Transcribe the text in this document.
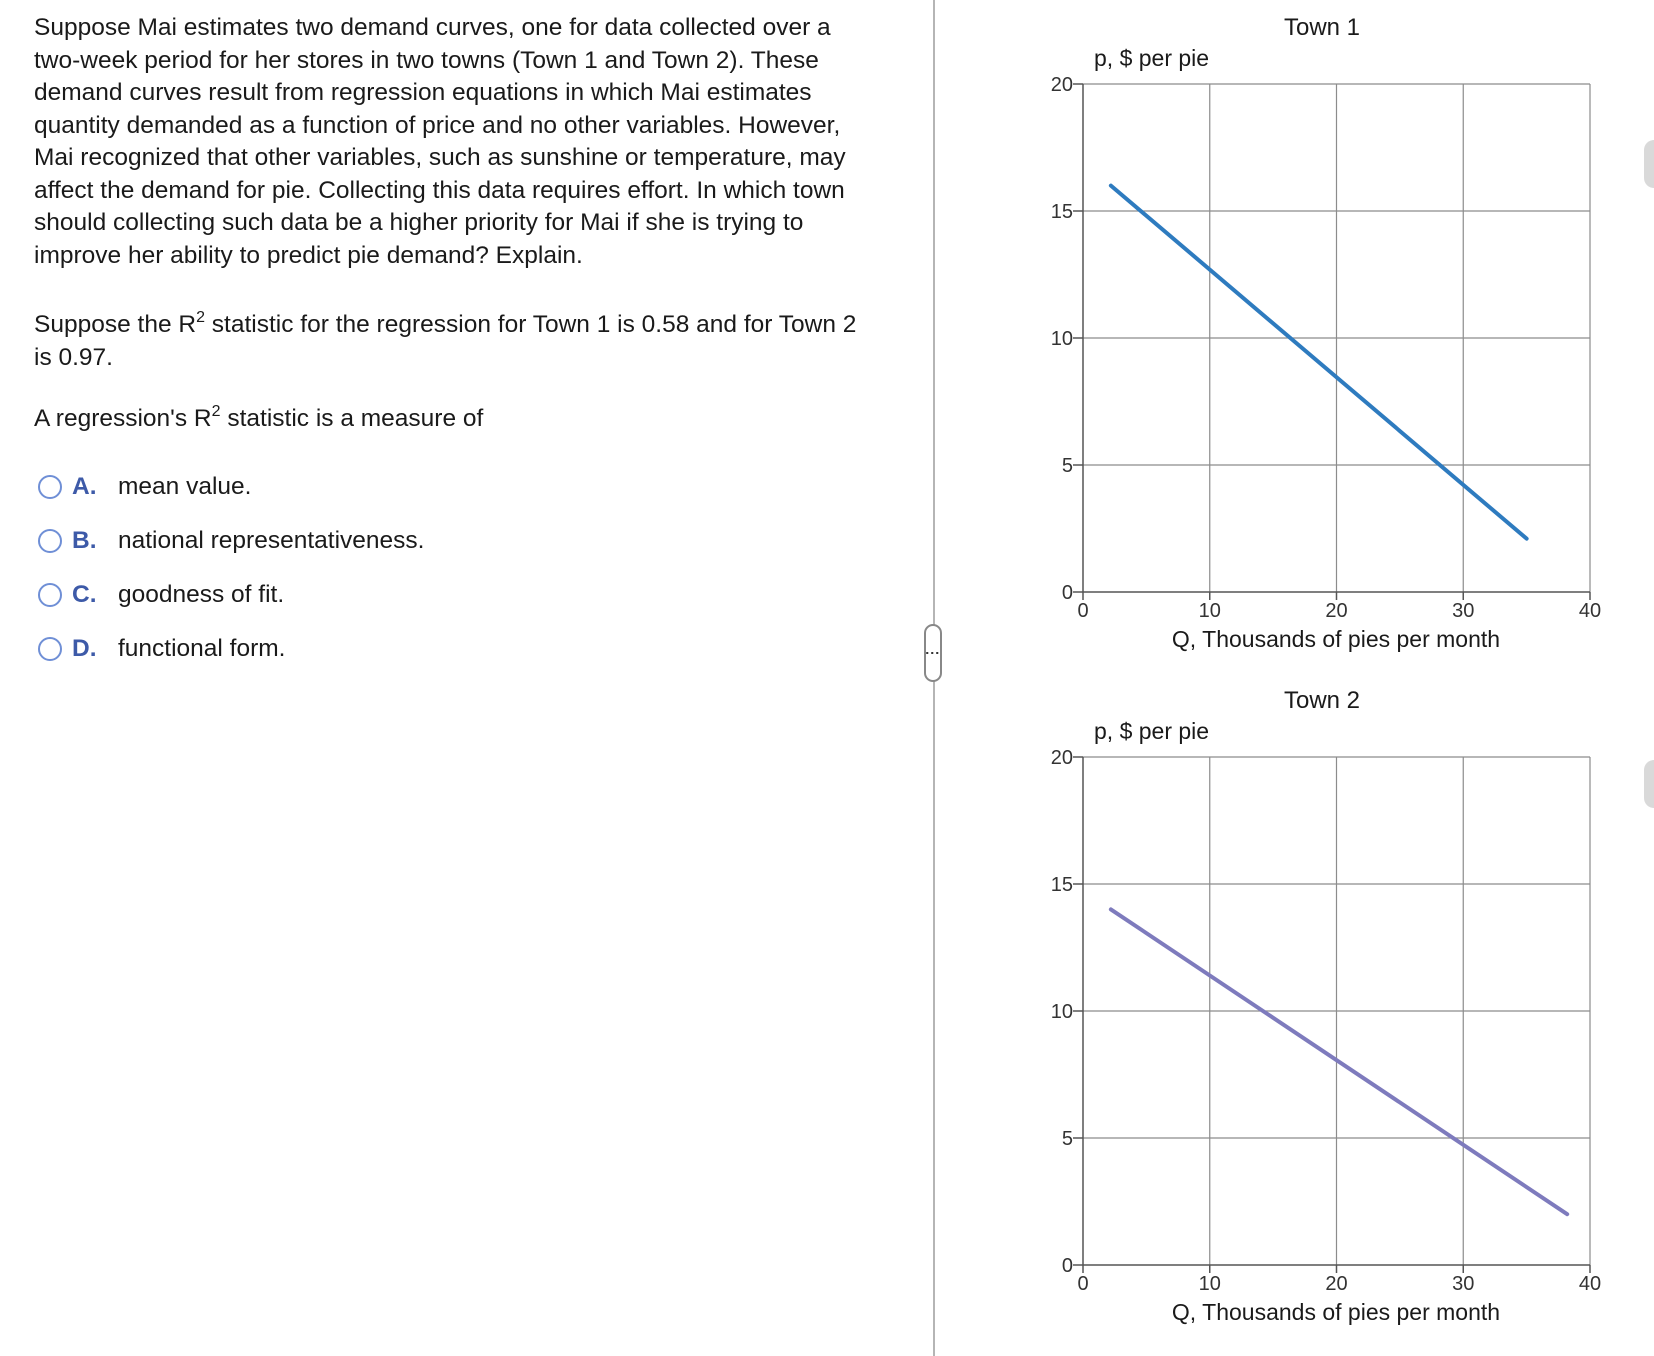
Suppose Mai estimates two demand curves, one for data collected over a two-week period for her stores in two towns (Town 1 and Town 2). These demand curves result from regression equations in which Mai estimates quantity demanded as a function of price and no other variables. However, Mai recognized that other variables, such as sunshine or temperature, may affect the demand for pie. Collecting this data requires effort. In which town should collecting such data be a higher priority for Mai if she is trying to improve her ability to predict pie demand? Explain.

Suppose the $R^2$ statistic for the regression for Town 1 is 0.58 and for Town 2 is 0.97.

A regression's $R^2$ statistic is a measure of

A. mean value.
B. national representativeness.
C. goodness of fit.
D. functional form.	⋮
0
5
10
15
20
0	10	20	30	40
Town 1
p, $ per pie
Q, Thousands of pies per month
0
5
10
15
20
0	10	20	30	40
Town 2
p, $ per pie
Q, Thousands of pies per month
